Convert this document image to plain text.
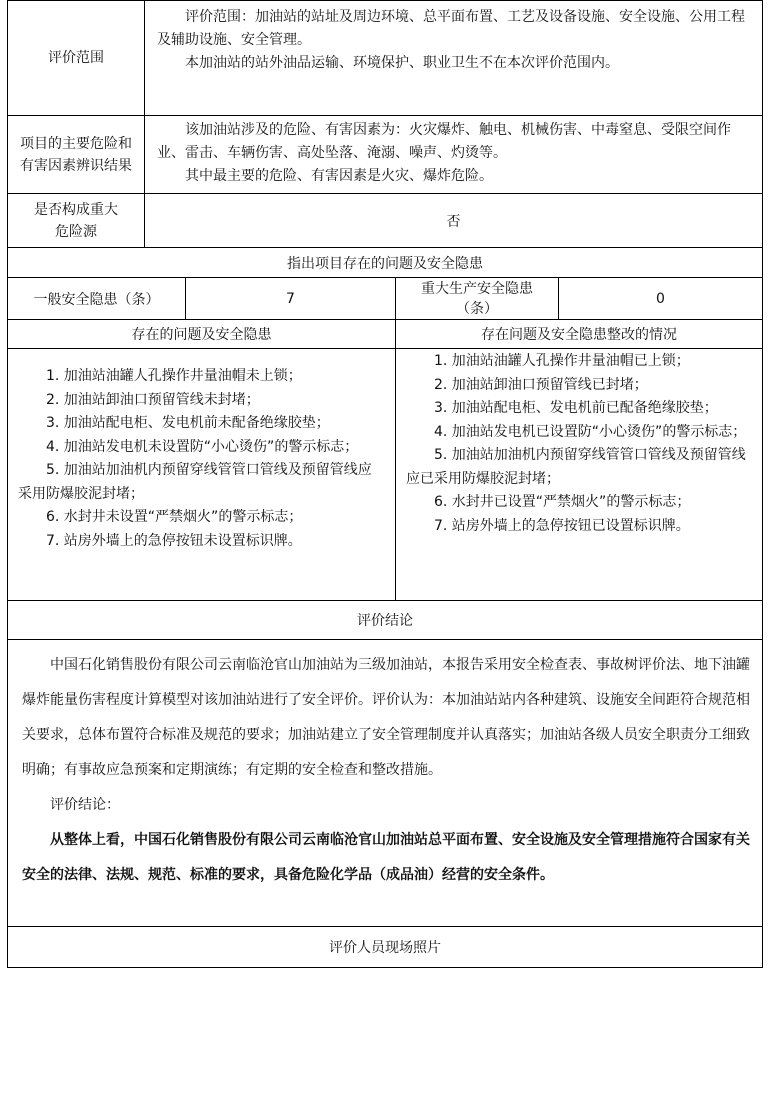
评价范围

评价范围：加油站的站址及周边环境、总平面布置、工艺及设备设施、安全设施、公用工程及辅助设施、安全管理。

本加油站的站外油品运输、环境保护、职业卫生不在本次评价范围内。

项目的主要危险和有害因素辨识结果

该加油站涉及的危险、有害因素为：火灾爆炸、触电、机械伤害、中毒窒息、受限空间作业、雷击、车辆伤害、高处坠落、淹溺、噪声、灼烫等。

其中最主要的危险、有害因素是火灾、爆炸危险。

是否构成重大危险源
否
指出项目存在的问题及安全隐患
一般安全隐患（条）	7
重大生产安全隐患（条）
0
存在的问题及安全隐患	存在问题及安全隐患整改的情况

1. 加油站油罐人孔操作井量油帽未上锁；

2. 加油站卸油口预留管线未封堵；

3. 加油站配电柜、发电机前未配备绝缘胶垫；

4. 加油站发电机未设置防“小心烫伤”的警示标志；

5. 加油站加油机内预留穿线管管口管线及预留管线应采用防爆胶泥封堵；

6. 水封井未设置“严禁烟火”的警示标志；

7. 站房外墙上的急停按钮未设置标识牌。

1. 加油站油罐人孔操作井量油帽已上锁；

2. 加油站卸油口预留管线已封堵；

3. 加油站配电柜、发电机前已配备绝缘胶垫；

4. 加油站发电机已设置防“小心烫伤”的警示标志；

5. 加油站加油机内预留穿线管管口管线及预留管线应已采用防爆胶泥封堵；

6. 水封井已设置“严禁烟火”的警示标志；

7. 站房外墙上的急停按钮已设置标识牌。

评价结论

中国石化销售股份有限公司云南临沧官山加油站为三级加油站，本报告采用安全检查表、事故树评价法、地下油罐爆炸能量伤害程度计算模型对该加油站进行了安全评价。评价认为：本加油站站内各种建筑、设施安全间距符合规范相关要求，总体布置符合标准及规范的要求；加油站建立了安全管理制度并认真落实；加油站各级人员安全职责分工细致明确；有事故应急预案和定期演练；有定期的安全检查和整改措施。

评价结论：

从整体上看，中国石化销售股份有限公司云南临沧官山加油站总平面布置、安全设施及安全管理措施符合国家有关安全的法律、法规、规范、标准的要求，具备危险化学品（成品油）经营的安全条件。

评价人员现场照片
